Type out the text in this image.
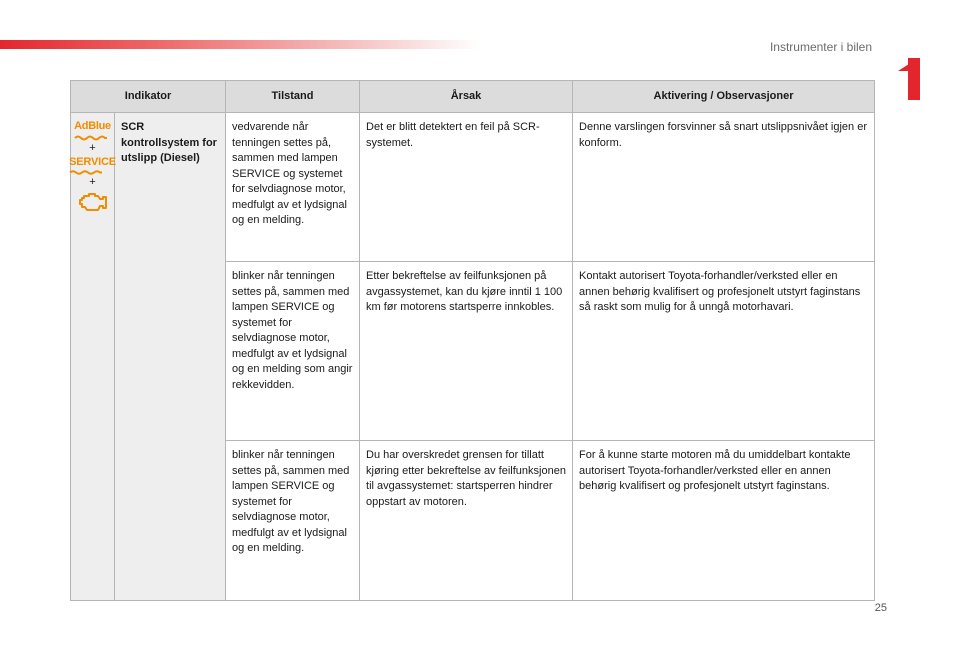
Instrumenter i bilen
Indikator		Tilstand	Årsak	Aktivering / Observasjoner

AdBlue
+
SERVICE
+	SCR kontrollsystem for utslipp (Diesel)	vedvarende når tenningen settes på, sammen med lampen SERVICE og systemet for selvdiagnose motor, medfulgt av et lydsignal og en melding.	Det er blitt detektert en feil på SCR-systemet.	Denne varslingen forsvinner så snart utslippsnivået igjen er konform.
		blinker når tenningen settes på, sammen med lampen SERVICE og systemet for selvdiagnose motor, medfulgt av et lydsignal og en melding som angir rekkevidden.	Etter bekreftelse av feilfunksjonen på avgassystemet, kan du kjøre inntil 1 100 km før motorens startsperre innkobles.	Kontakt autorisert Toyota-forhandler/verksted eller en annen behørig kvalifisert og profesjonelt utstyrt faginstans så raskt som mulig for å unngå motorhavari.
		blinker når tenningen settes på, sammen med lampen SERVICE og systemet for selvdiagnose motor, medfulgt av et lydsignal og en melding.	Du har overskredet grensen for tillatt kjøring etter bekreftelse av feilfunksjonen til avgassystemet: startsperren hindrer oppstart av motoren.	For å kunne starte motoren må du umiddelbart kontakte autorisert Toyota-forhandler/verksted eller en annen behørig kvalifisert og profesjonelt utstyrt faginstans.
25
